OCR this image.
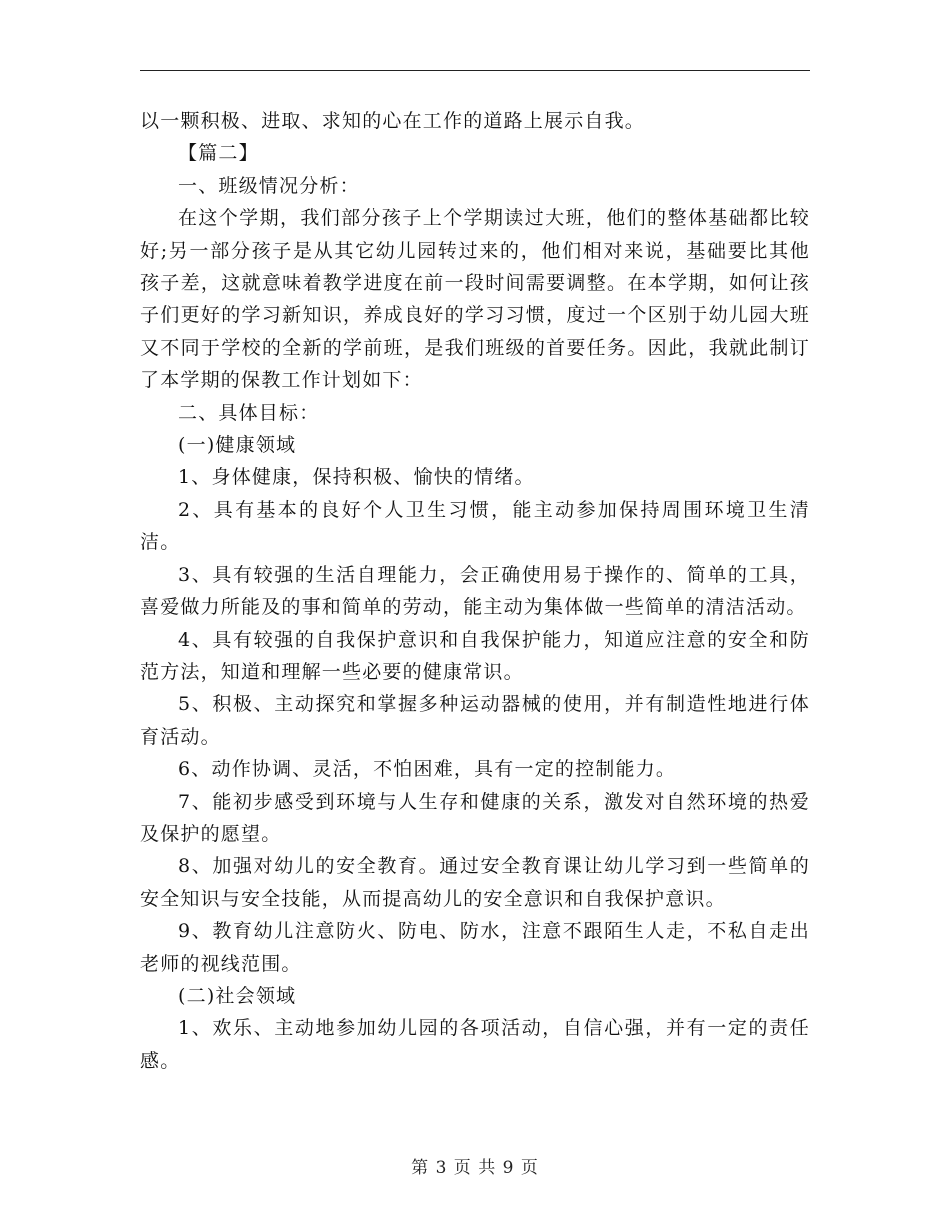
以一颗积极、进取、求知的心在工作的道路上展示自我。

【篇二】

一、班级情况分析：

在这个学期，我们部分孩子上个学期读过大班，他们的整体基础都比较好;另一部分孩子是从其它幼儿园转过来的，他们相对来说，基础要比其他孩子差，这就意味着教学进度在前一段时间需要调整。在本学期，如何让孩子们更好的学习新知识，养成良好的学习习惯，度过一个区别于幼儿园大班又不同于学校的全新的学前班，是我们班级的首要任务。因此，我就此制订了本学期的保教工作计划如下：

二、具体目标：

(一)健康领域

1、身体健康，保持积极、愉快的情绪。

2、具有基本的良好个人卫生习惯，能主动参加保持周围环境卫生清洁。

3、具有较强的生活自理能力，会正确使用易于操作的、简单的工具，喜爱做力所能及的事和简单的劳动，能主动为集体做一些简单的清洁活动。

4、具有较强的自我保护意识和自我保护能力，知道应注意的安全和防范方法，知道和理解一些必要的健康常识。

5、积极、主动探究和掌握多种运动器械的使用，并有制造性地进行体育活动。

6、动作协调、灵活，不怕困难，具有一定的控制能力。

7、能初步感受到环境与人生存和健康的关系，激发对自然环境的热爱及保护的愿望。

8、加强对幼儿的安全教育。通过安全教育课让幼儿学习到一些简单的安全知识与安全技能，从而提高幼儿的安全意识和自我保护意识。

9、教育幼儿注意防火、防电、防水，注意不跟陌生人走，不私自走出老师的视线范围。

(二)社会领域

1、欢乐、主动地参加幼儿园的各项活动，自信心强，并有一定的责任感。

第 3 页 共 9 页
